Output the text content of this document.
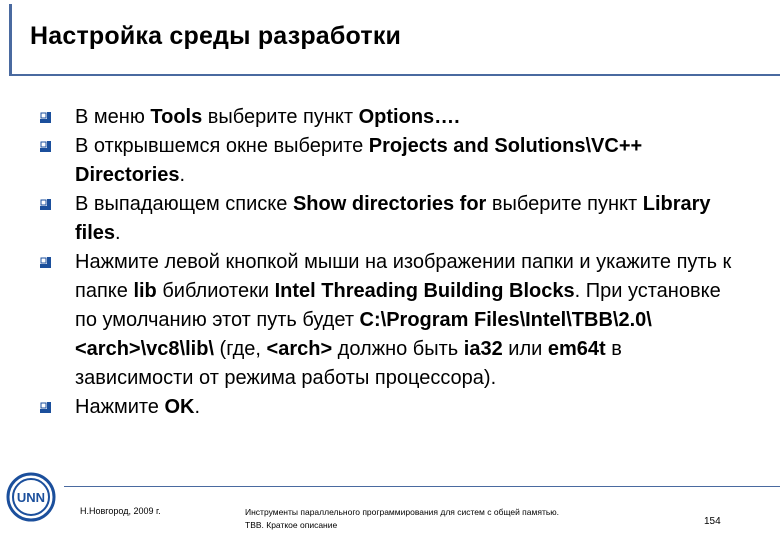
Настройка среды разработки
В меню Tools выберите пункт Options….
В открывшемся окне выберите Projects and Solutions\VC++ Directories.
В выпадающем списке Show directories for выберите пункт Library files.
Нажмите левой кнопкой мыши на изображении папки и укажите путь к папке lib библиотеки Intel Threading Building Blocks. При установке по умолчанию этот путь будет C:\Program Files\Intel\TBB\2.0\<arch>\vc8\lib\ (где, <arch> должно быть ia32 или em64t в зависимости от режима работы процессора).
Нажмите OK.
UNN
Н.Новгород, 2009 г.	Инструменты параллельного программирования для систем с общей памятью.
TBB. Краткое описание	154
